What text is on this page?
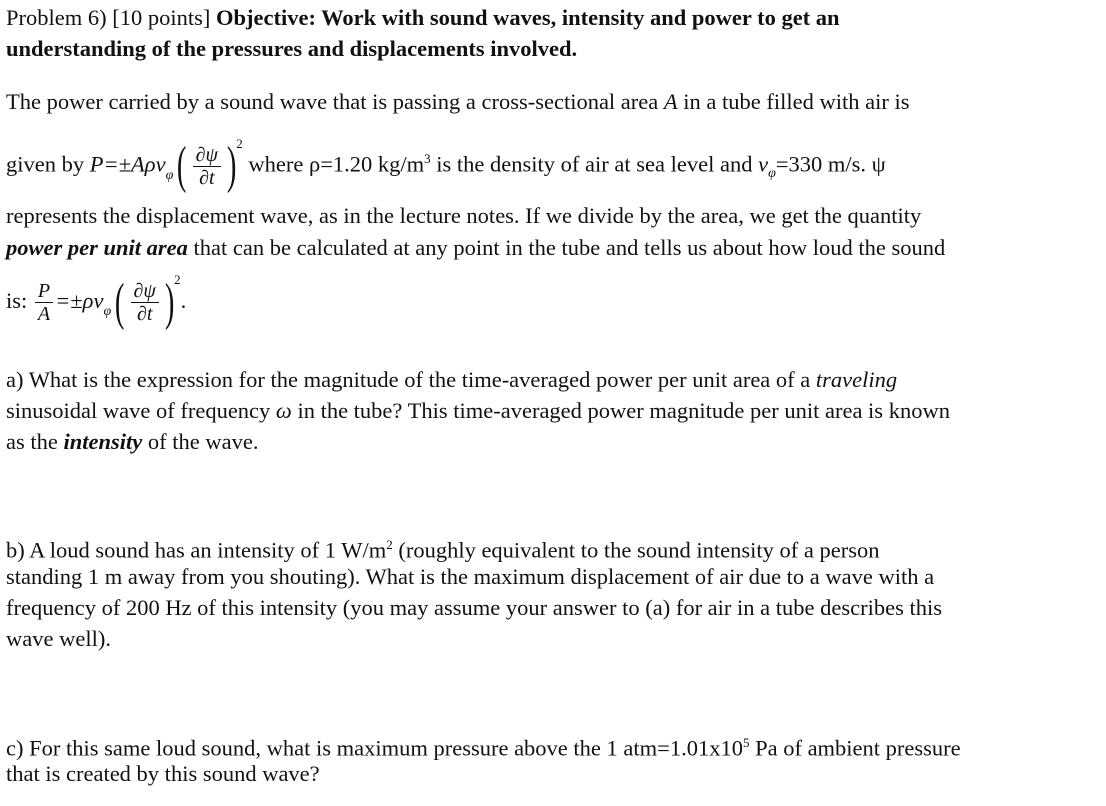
Problem 6) [10 points] Objective: Work with sound waves, intensity and power to get an
understanding of the pressures and displacements involved.
The power carried by a sound wave that is passing a cross-sectional area A in a tube filled with air is
given by $P=\pm A\rho v_\varphi( \frac{\partial\psi}{\partial t} )^2$ where ρ=1.20 $kg/m^3$ is the density of air at sea level and $v_\varphi=330$ m/s. ψ
represents the displacement wave, as in the lecture notes. If we divide by the area, we get the quantity
power per unit area that can be calculated at any point in the tube and tells us about how loud the sound
is: $\frac{P}{A} =\pm\rho v_\varphi( \frac{\partial\psi}{\partial t} )^2$.
a) What is the expression for the magnitude of the time-averaged power per unit area of a traveling
sinusoidal wave of frequency ω in the tube? This time-averaged power magnitude per unit area is known
as the intensity of the wave.
b) A loud sound has an intensity of 1 $W/m^2$ (roughly equivalent to the sound intensity of a person
standing 1 m away from you shouting). What is the maximum displacement of air due to a wave with a
frequency of 200 Hz of this intensity (you may assume your answer to (a) for air in a tube describes this
wave well).
c) For this same loud sound, what is maximum pressure above the 1 $atm=1.01x10^5$ Pa of ambient pressure
that is created by this sound wave?
